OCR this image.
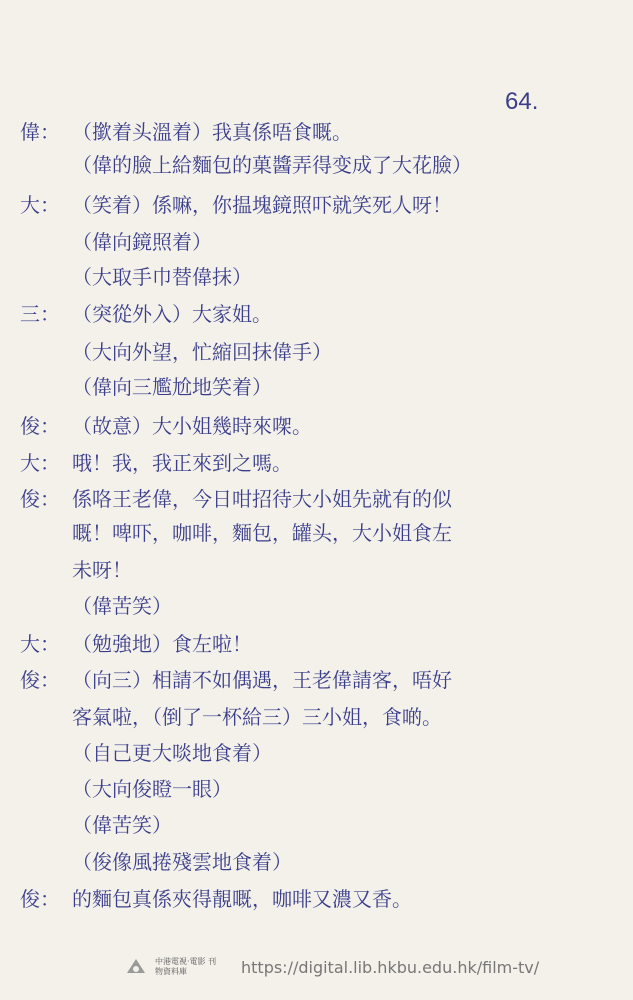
64.
偉： （撳着头溫着）我真係唔食嘅。
（偉的臉上給麵包的菓醬弄得变成了大花臉）
大： （笑着）係嘛，你揾塊鏡照吓就笑死人呀！
（偉向鏡照着）
（大取手巾替偉抹）
三： （突從外入）大家姐。
（大向外望，忙縮回抹偉手）
（偉向三尷尬地笑着）
俊： （故意）大小姐幾時來㗎。
大： 哦！我，我正來到之嗎。
俊： 係咯王老偉，今日咁招待大小姐先就有的似
嘅！啤吓，咖啡，麵包，罐头，大小姐食左
未呀！
（偉苦笑）
大： （勉強地）食左啦！
俊： （向三）相請不如偶遇，王老偉請客，唔好
客氣啦，（倒了一杯給三）三小姐，食啲。
（自己更大啖地食着）
（大向俊瞪一眼）
（偉苦笑）
（俊像風捲殘雲地食着）
俊： 的麵包真係夾得靚嘅，咖啡又濃又香。
中港電視·電影 刊物資料庫	https://digital.lib.hkbu.edu.hk/film-tv/
